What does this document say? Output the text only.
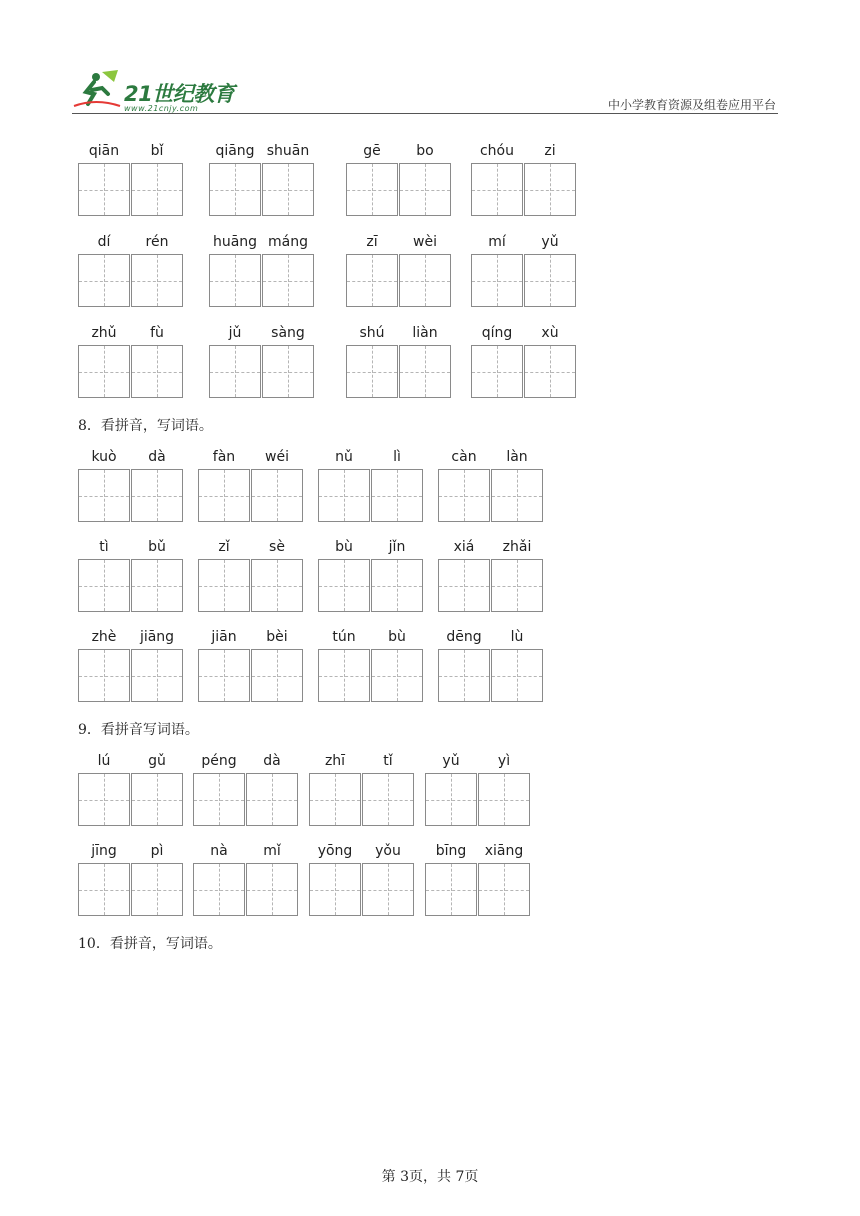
21世纪教育
www.21cnjy.com	中小学教育资源及组卷应用平台
qiān	bǐ	qiāng shuān	gē	bo	chóu	zi
dí	rén	huāng máng	zī	wèi	mí	yǔ
zhǔ	fù	jǔ	sàng	shú	liàn	qíng	xù
8．看拼音，写词语。
kuò	dà	fàn	wéi	nǔ	lì	càn	làn
tì	bǔ	zǐ	sè	bù	jǐn	xiá	zhǎi
zhè	jiāng	jiān	bèi	tún	bù	dēng	lù
9．看拼音写词语。
lú	gǔ	péng	dà	zhī	tǐ	yǔ	yì
jīng	pì	nà	mǐ	yōng	yǒu	bīng	xiāng
10．看拼音，写词语。
第 3页，共 7页
